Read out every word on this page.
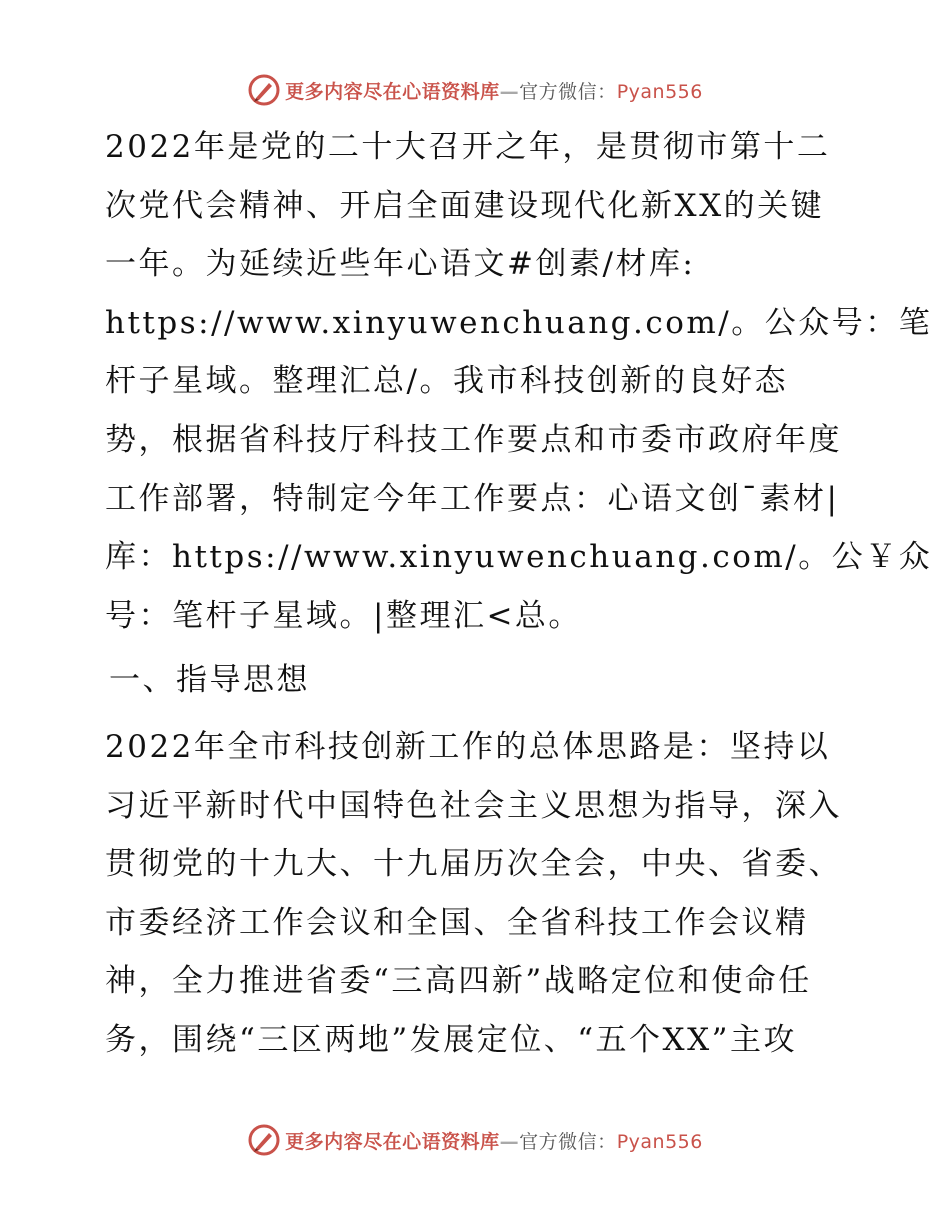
更多内容尽在心语资料库—官方微信：Pyan556

2022年是党的二十大召开之年，是贯彻市第十二
次党代会精神、开启全面建设现代化新XX的关键
一年。为延续近些年心语文#创素/材库:
https://www.xinyuwenchuang.com/。公众号：笔
杆子星域。整理汇总/。我市科技创新的良好态
势，根据省科技厅科技工作要点和市委市政府年度
工作部署，特制定今年工作要点：心语文创¯素材|
库：https://www.xinyuwenchuang.com/。公￥众
号：笔杆子星域。|整理汇<总。

一、指导思想

2022年全市科技创新工作的总体思路是：坚持以
习近平新时代中国特色社会主义思想为指导，深入
贯彻党的十九大、十九届历次全会，中央、省委、
市委经济工作会议和全国、全省科技工作会议精
神，全力推进省委“三高四新”战略定位和使命任
务，围绕“三区两地”发展定位、“五个XX”主攻

更多内容尽在心语资料库—官方微信：Pyan556
